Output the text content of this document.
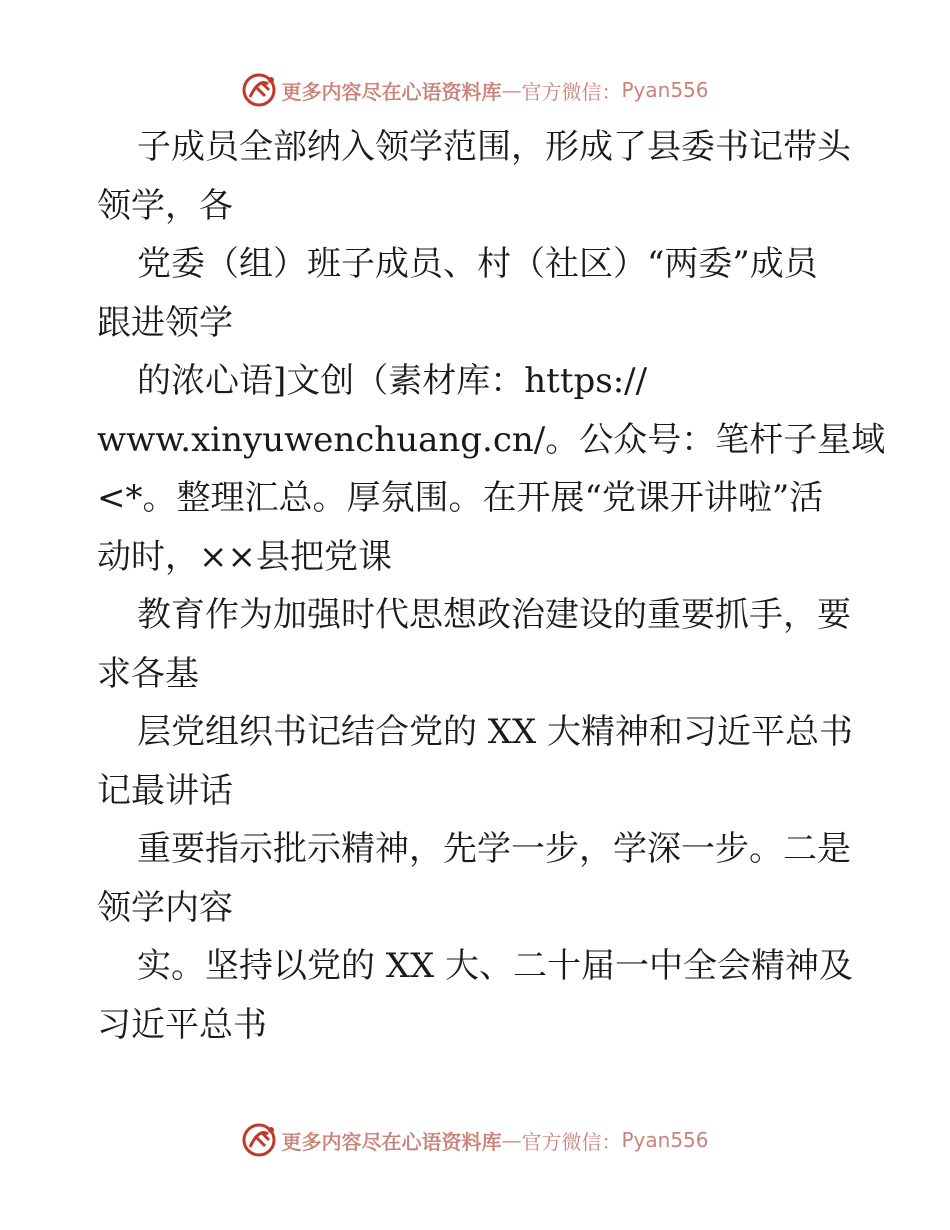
更多内容尽在心语资料库 — 官方微信： Pyan556
子成员全部纳入领学范围，形成了县委书记带头
领学，各
党委（组）班子成员、村（社区）“两委”成员
跟进领学
的浓心语]文创（素材库：https://
www.xinyuwenchuang.cn/。公众号：笔杆子星域
<*。整理汇总。厚氛围。在开展“党课开讲啦”活
动时，××县把党课
教育作为加强时代思想政治建设的重要抓手，要
求各基
层党组织书记结合党的 XX 大精神和习近平总书
记最讲话
重要指示批示精神，先学一步，学深一步。二是
领学内容
实。坚持以党的 XX 大、二十届一中全会精神及
习近平总书
更多内容尽在心语资料库 — 官方微信： Pyan556
